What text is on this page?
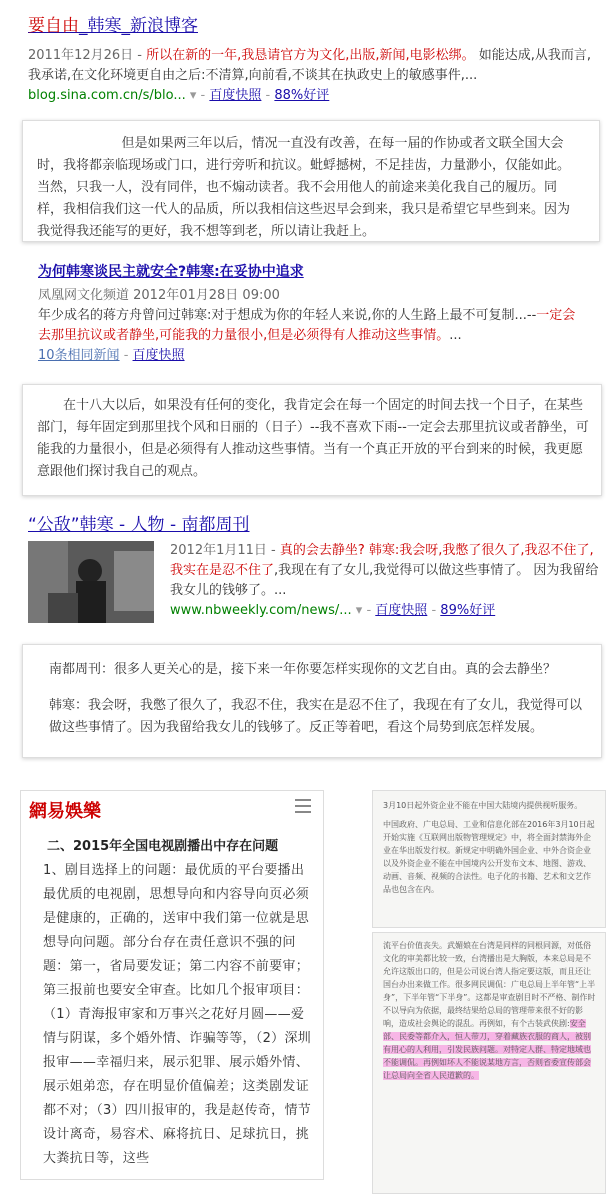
要自由_韩寒_新浪博客
2011年12月26日 - 所以在新的一年,我恳请官方为文化,出版,新闻,电影松绑。 如能达成,从我而言,我承诺,在文化环境更自由之后:不清算,向前看,不谈其在执政史上的敏感事件,...
blog.sina.com.cn/s/blo... ▾ - 百度快照 - 88%好评
但是如果两三年以后，情况一直没有改善，在每一届的作协或者文联全国大会时，我将都亲临现场或门口，进行旁听和抗议。蚍蜉撼树，不足挂齿，力量渺小，仅能如此。当然，只我一人，没有同伴，也不煽动读者。我不会用他人的前途来美化我自己的履历。同样，我相信我们这一代人的品质，所以我相信这些迟早会到来，我只是希望它早些到来。因为我觉得我还能写的更好，我不想等到老，所以请让我赶上。
为何韩寒谈民主就安全?韩寒:在妥协中追求
凤凰网文化频道 2012年01月28日 09:00
年少成名的蒋方舟曾问过韩寒:对于想成为你的年轻人来说,你的人生路上最不可复制...--一定会去那里抗议或者静坐,可能我的力量很小,但是必须得有人推动这些事情。...
10条相同新闻 - 百度快照
在十八大以后，如果没有任何的变化，我肯定会在每一个固定的时间去找一个日子，在某些部门，每年固定到那里找个风和日丽的（日子）--我不喜欢下雨--一定会去那里抗议或者静坐，可能我的力量很小，但是必须得有人推动这些事情。当有一个真正开放的平台到来的时候，我更愿意跟他们探讨我自己的观点。
“公敌”韩寒 - 人物 - 南都周刊
2012年1月11日 - 真的会去静坐? 韩寒:我会呀,我憋了很久了,我忍不住了,我实在是忍不住了,我现在有了女儿,我觉得可以做这些事情了。 因为我留给我女儿的钱够了。...
www.nbweekly.com/news/... ▾ - 百度快照 - 89%好评
南都周刊：很多人更关心的是，接下来一年你要怎样实现你的文艺自由。真的会去静坐？
韩寒：我会呀，我憋了很久了，我忍不住，我实在是忍不住了，我现在有了女儿，我觉得可以做这些事情了。因为我留给我女儿的钱够了。反正等着吧，看这个局势到底怎样发展。
網易娛樂
二、2015年全国电视剧播出中存在问题
1、剧目选择上的问题：最优质的平台要播出最优质的电视剧，思想导向和内容导向页必须是健康的，正确的，送审中我们第一位就是思想导向问题。部分台存在责任意识不强的问题：第一，省局要发证；第二内容不前要审；第三报前也要安全审查。比如几个报审项目：（1）青海报审家和万事兴之花好月圆——爱情与阴谋，多个婚外情、诈骗等等，（2）深圳报审——幸福归来，展示犯罪、展示婚外情、展示姐弟恋，存在明显价值偏差；这类剧发证都不对；（3）四川报审的，我是赵传奇，情节设计离奇，易容术、麻将抗日、足球抗日，挑大粪抗日等，这些

3月10日起外资企业不能在中国大陆境内提供视听服务。

中国政府、广电总局、工业和信息化部在2016年3月10日起开始实施《互联网出版物管理规定》中，将全面封禁海外企业在华出版发行权。新规定中明确外国企业、中外合资企业以及外资企业不能在中国境内公开发布文本、地图、游戏、动画、音频、视频的合法性。电子化的书籍、艺术和文艺作品也包含在内。

流平台价值丧失。武媚娘在台湾是同样的同根同源，对低俗文化的审美都比较一致，台湾播出是大胸版，本来总局是不允许这版出口的，但是公司说台湾人指定要这版，而且还让国台办出来做工作。很多网民调侃：广电总局上半年管“上半身”，下半年管“下半身”。这都是审查剧目时不严格、制作时不以导向为依据，最终结果给总局的管理带来很不好的影响，造成社会舆论的混乱。再例如，有个古装武侠剧:安全部、民委等都介入，恒人带刀，穿着藏族衣服的商人，被别有用心的人利用，引发民族问题。对特定人群、特定地域也不能调侃。再例如坏人不能说某地方言，否则省委宣传部会让总局向全省人民道歉的。
